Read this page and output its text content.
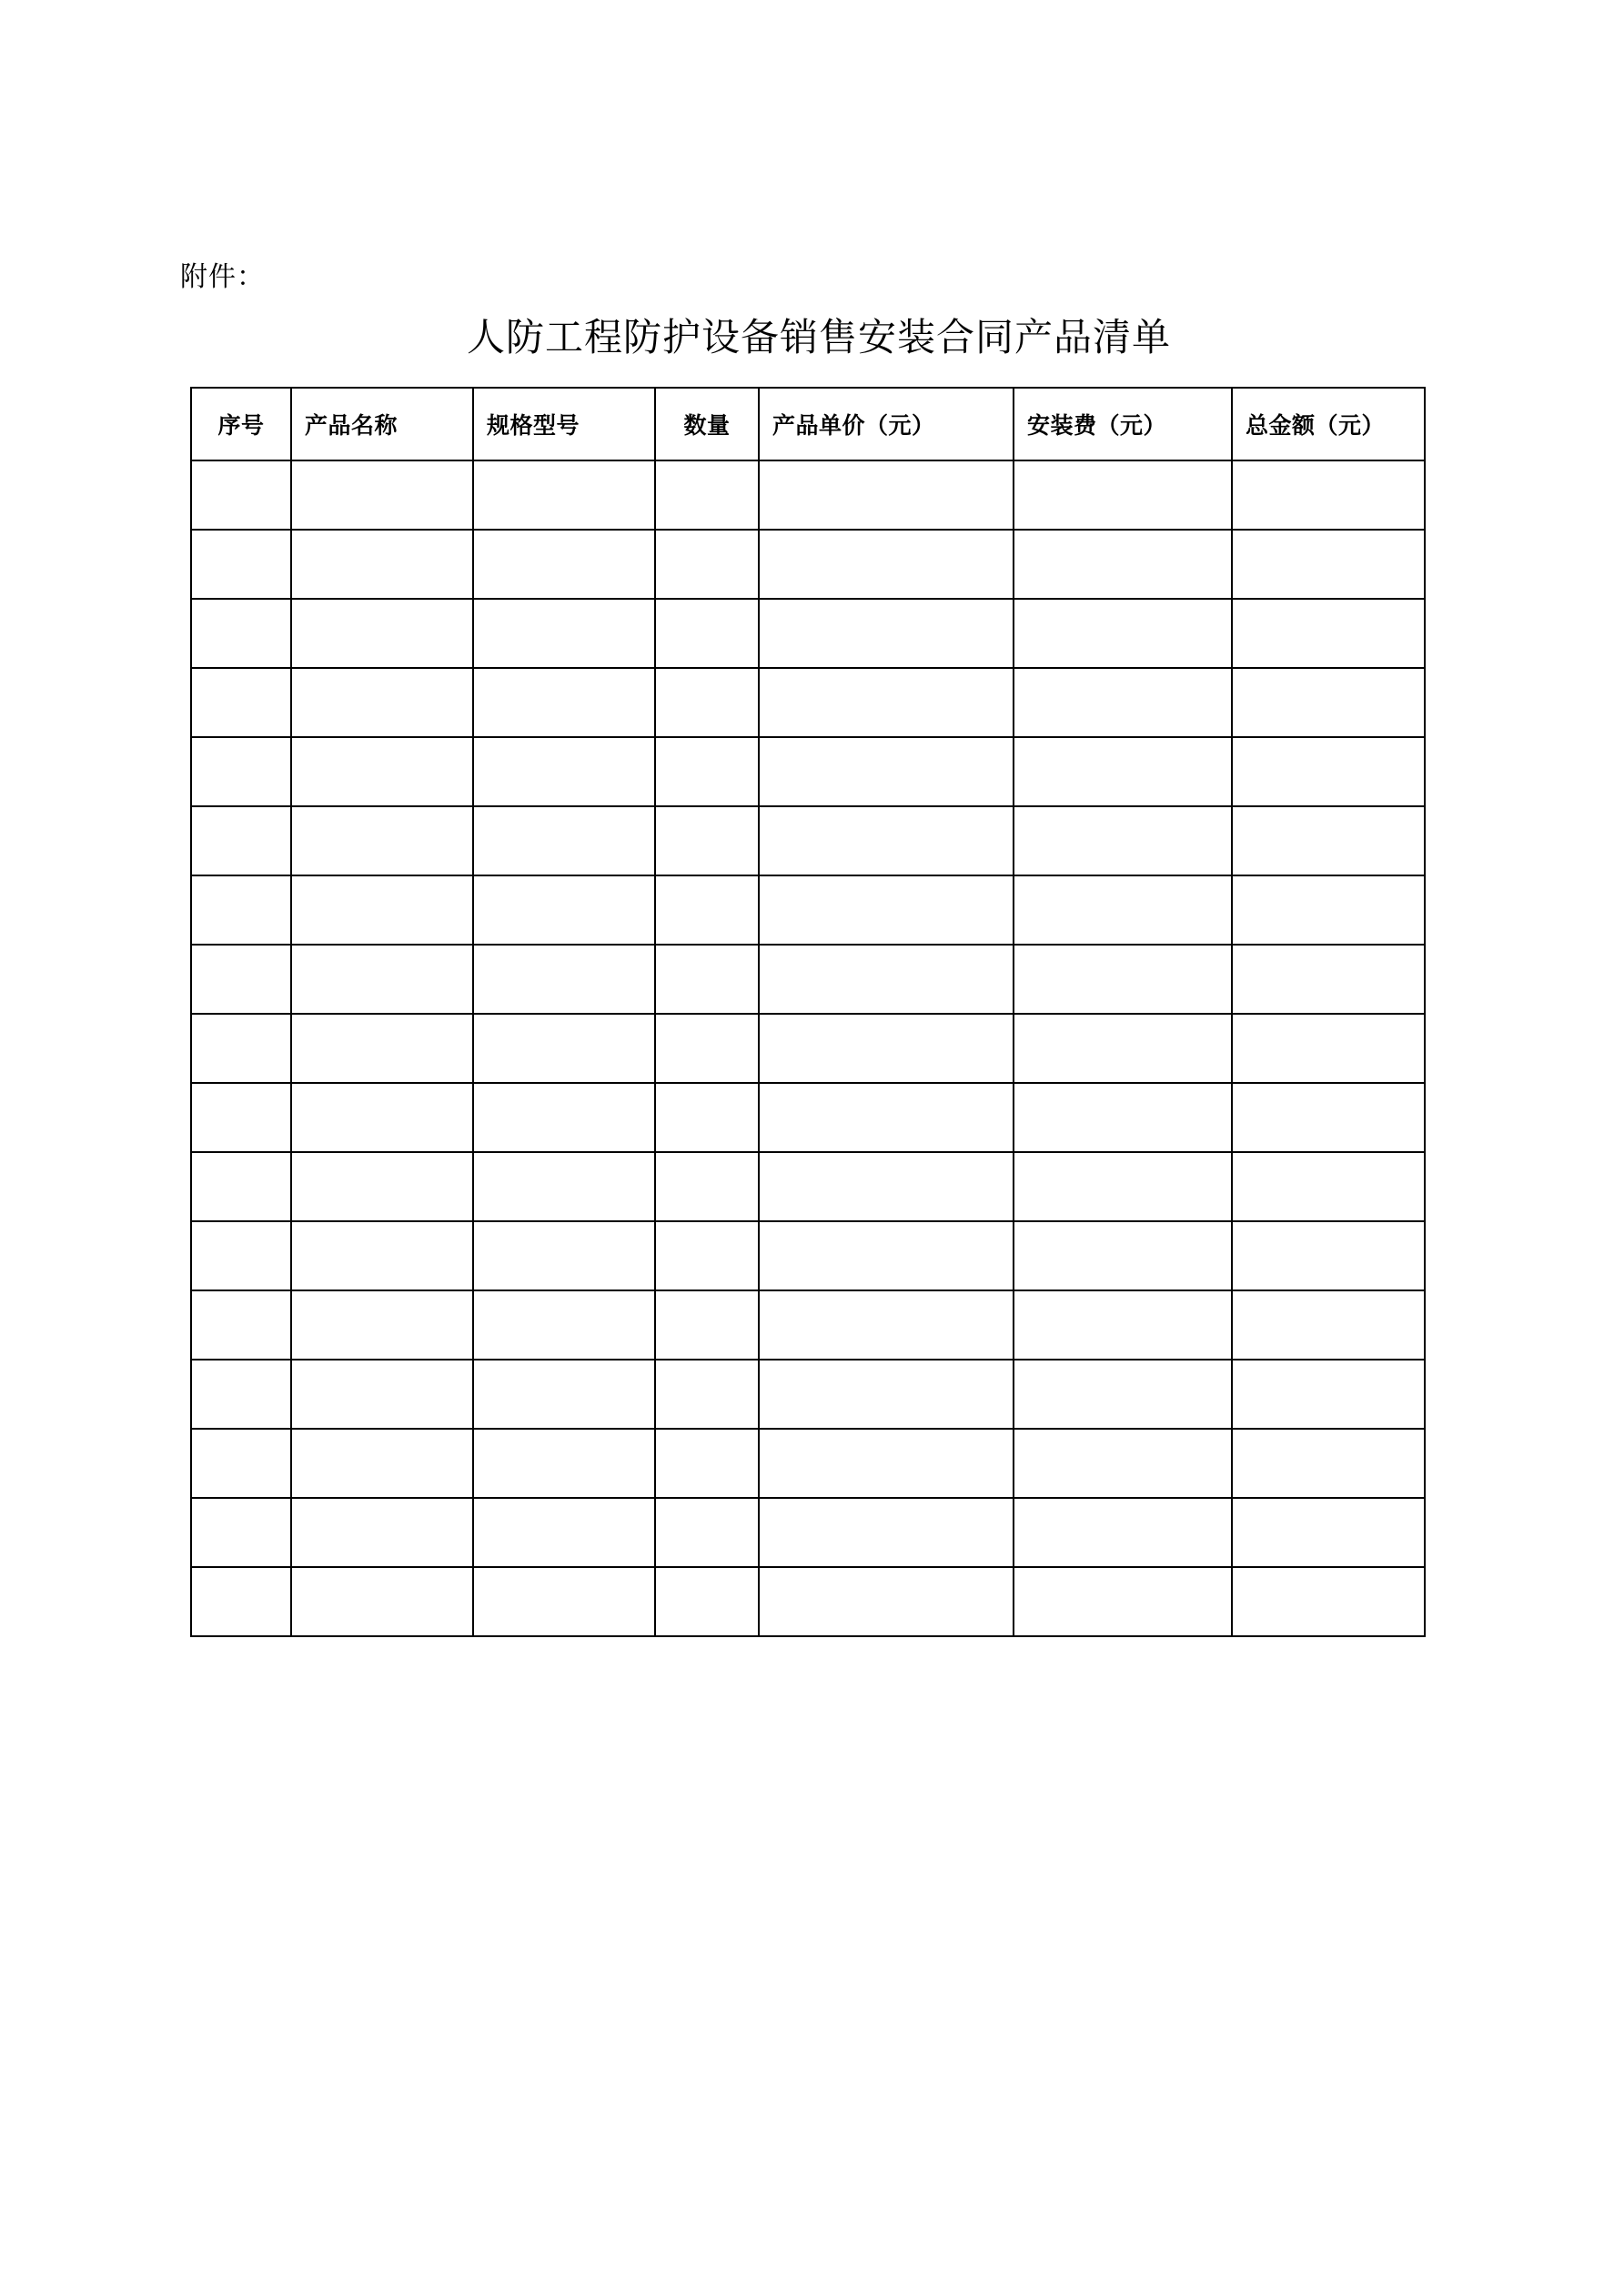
附件：
人防工程防护设备销售安装合同产品清单
序号	产品名称	规格型号	数量	产品单价（元）	安装费（元）	总金额（元）
